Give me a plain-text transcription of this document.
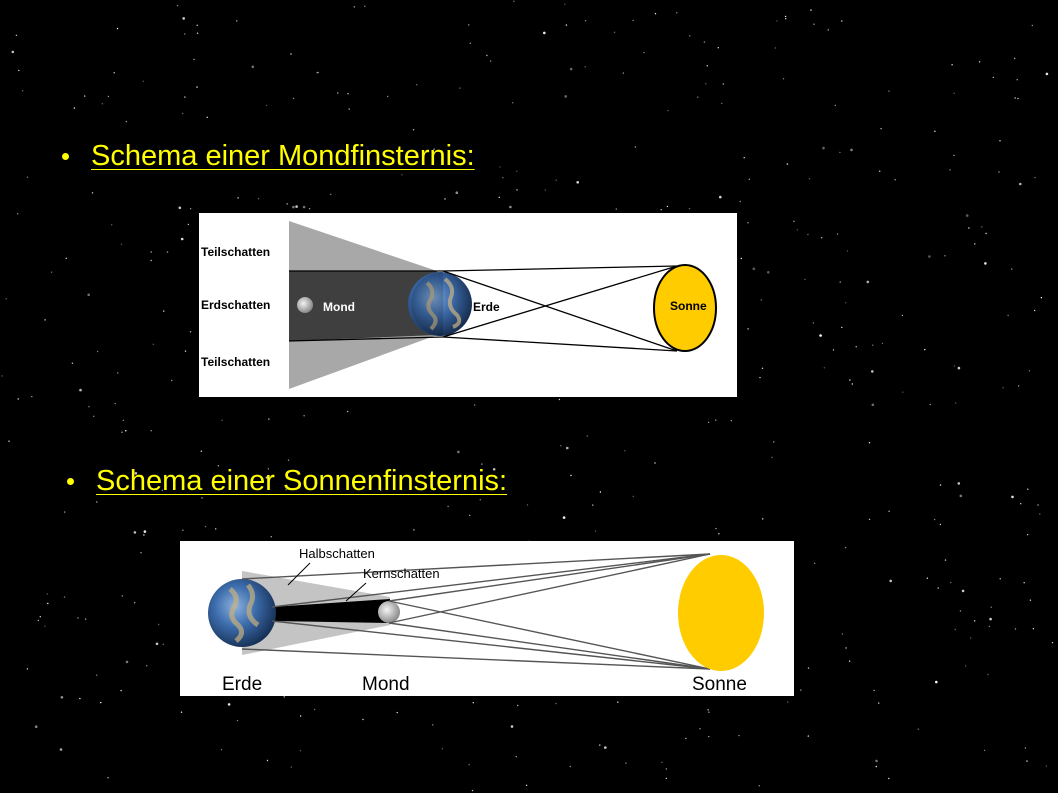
Schema einer Mondfinsternis:
Teilschatten
Erdschatten
Teilschatten
Mond	Erde	Sonne
Schema einer Sonnenfinsternis:
Halbschatten
Kernschatten
Erde	Mond	Sonne
